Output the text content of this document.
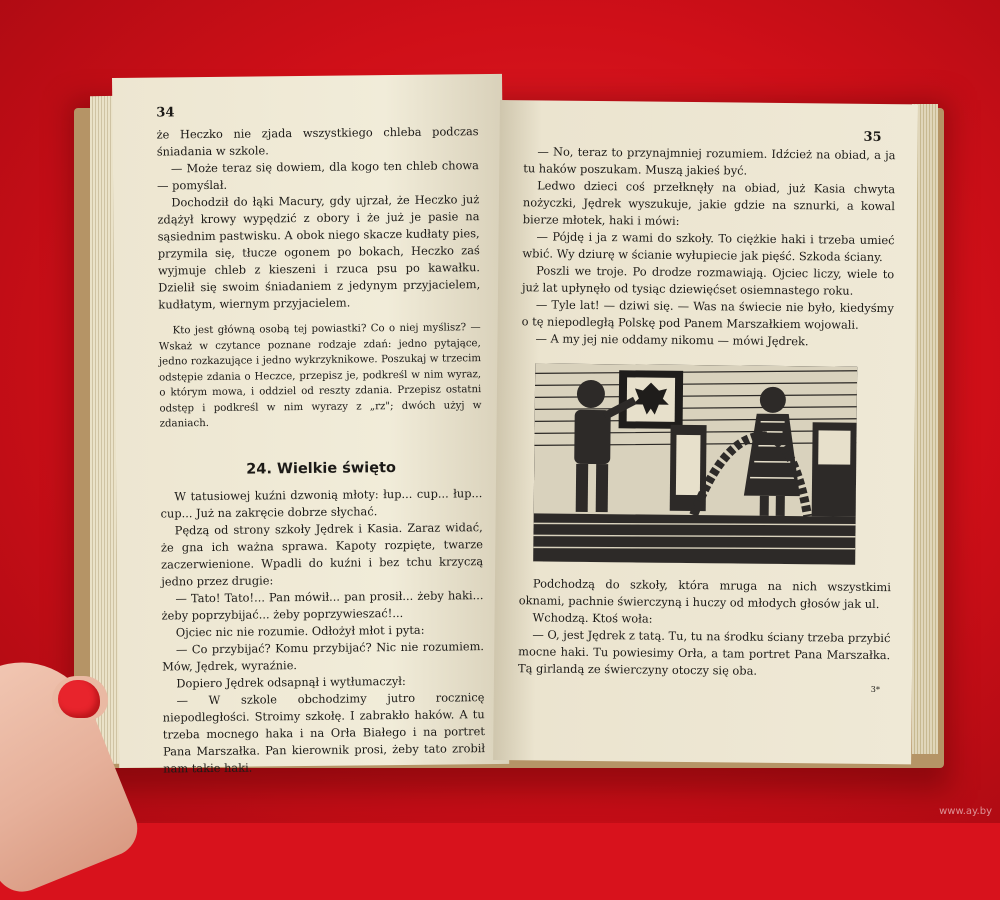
34

że Heczko nie zjada wszystkiego chleba podczas śniadania w szkole.

— Może teraz się dowiem, dla kogo ten chleb chowa — pomyślał.

Dochodził do łąki Macury, gdy ujrzał, że Heczko już zdążył krowy wypędzić z obory i że już je pasie na sąsiednim pastwisku. A obok niego skacze kudłaty pies, przymila się, tłucze ogonem po bokach, Heczko zaś wyjmuje chleb z kieszeni i rzuca psu po kawałku. Dzielił się swoim śniadaniem z jedynym przyjacielem, kudłatym, wiernym przyjacielem.

Kto jest główną osobą tej powiastki? Co o niej myślisz? — Wskaż w czytance poznane rodzaje zdań: jedno pytające, jedno rozkazujące i jedno wykrzyknikowe. Poszukaj w trzecim odstępie zdania o Heczce, przepisz je, podkreśl w nim wyraz, o którym mowa, i oddziel od reszty zdania. Przepisz ostatni odstęp i podkreśl w nim wyrazy z „rz"; dwóch użyj w zdaniach.

24. Wielkie święto

W tatusiowej kuźni dzwonią młoty: łup... cup... łup... cup... Już na zakręcie dobrze słychać.

Pędzą od strony szkoły Jędrek i Kasia. Zaraz widać, że gna ich ważna sprawa. Kapoty rozpięte, twarze zaczerwienione. Wpadli do kuźni i bez tchu krzyczą jedno przez drugie:

— Tato! Tato!... Pan mówił... pan prosił... żeby haki... żeby poprzybijać... żeby poprzywieszać!...

Ojciec nic nie rozumie. Odłożył młot i pyta:

— Co przybijać? Komu przybijać? Nic nie rozumiem. Mów, Jędrek, wyraźnie.

Dopiero Jędrek odsapnął i wytłumaczył:

— W szkole obchodzimy jutro rocznicę niepodległości. Stroimy szkołę. I zabrakło haków. A tu trzeba mocnego haka i na Orła Białego i na portret Pana Marszałka. Pan kierownik prosi, żeby tato zrobił nam takie haki.

35

— No, teraz to przynajmniej rozumiem. Idźcież na obiad, a ja tu haków poszukam. Muszą jakieś być.

Ledwo dzieci coś przełknęły na obiad, już Kasia chwyta nożyczki, Jędrek wyszukuje, jakie gdzie na sznurki, a kowal bierze młotek, haki i mówi:

— Pójdę i ja z wami do szkoły. To ciężkie haki i trzeba umieć wbić. Wy dziurę w ścianie wyłupiecie jak pięść. Szkoda ściany.

Poszli we troje. Po drodze rozmawiają. Ojciec liczy, wiele to już lat upłynęło od tysiąc dziewięćset osiemnastego roku.

— Tyle lat! — dziwi się. — Was na świecie nie było, kiedyśmy o tę niepodległą Polskę pod Panem Marszałkiem wojowali.

— A my jej nie oddamy nikomu — mówi Jędrek.

Podchodzą do szkoły, która mruga na nich wszystkimi oknami, pachnie świerczyną i huczy od młodych głosów jak ul.

Wchodzą. Ktoś woła:

— O, jest Jędrek z tatą. Tu, tu na środku ściany trzeba przybić mocne haki. Tu powiesimy Orła, a tam portret Pana Marszałka. Tą girlandą ze świerczyny otoczy się oba.

3*
www.ay.by
